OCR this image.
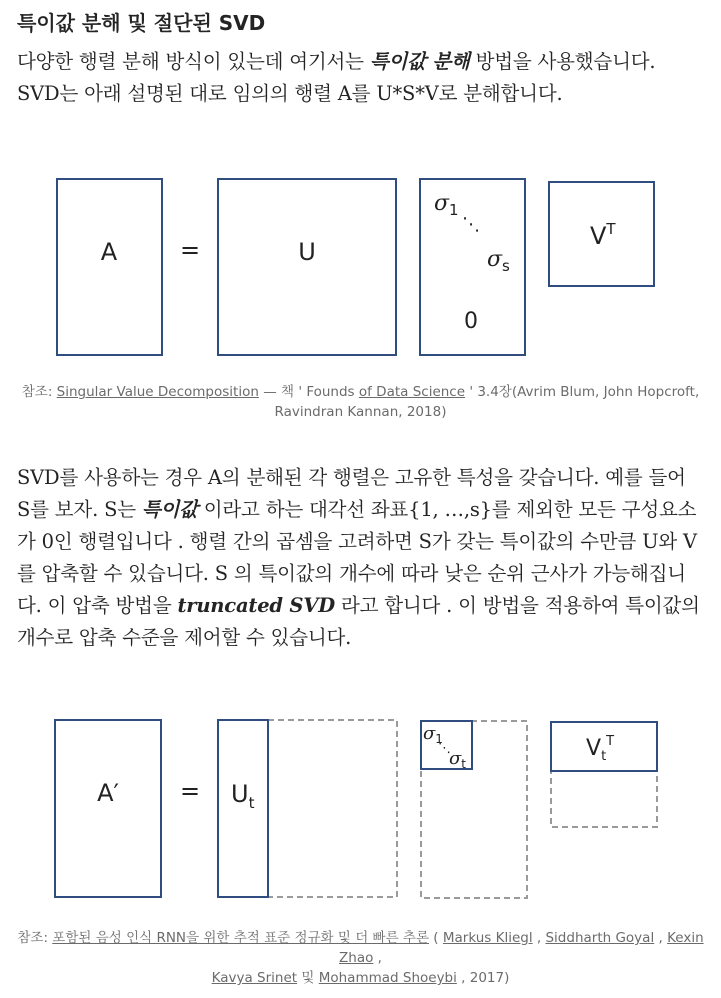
특이값 분해 및 절단된 SVD

다양한 행렬 분해 방식이 있는데 여기서는 특이값 분해 방법을 사용했습니다. SVD는 아래 설명된 대로 임의의 행렬 A를 U*S*V로 분해합니다.

A	=	U
$\sigma_1$
⋱
$\sigma_s$
0
$V^T$

참조: Singular Value Decomposition — 책 ' Founds of Data Science ' 3.4장(Avrim Blum, John Hopcroft, Ravindran Kannan, 2018)

SVD를 사용하는 경우 A의 분해된 각 행렬은 고유한 특성을 갖습니다. 예를 들어 S를 보자. S는 특이값 이라고 하는 대각선 좌표{1, …,s}를 제외한 모든 구성요소가 0인 행렬입니다 . 행렬 간의 곱셈을 고려하면 S가 갖는 특이값의 수만큼 U와 V를 압축할 수 있습니다. S 의 특이값의 개수에 따라 낮은 순위 근사가 가능해집니다. 이 압축 방법을 truncated SVD 라고 합니다 . 이 방법을 적용하여 특이값의 개수로 압축 수준을 제어할 수 있습니다.

A′	= $U_t$
$\sigma_1$
⋱
$\sigma_t$
$V_t^T$

참조: 포함된 음성 인식 RNN을 위한 추적 표준 정규화 및 더 빠른 추론 ( Markus Kliegl , Siddharth Goyal , Kexin Zhao ,
Kavya Srinet 및 Mohammad Shoeybi , 2017)
